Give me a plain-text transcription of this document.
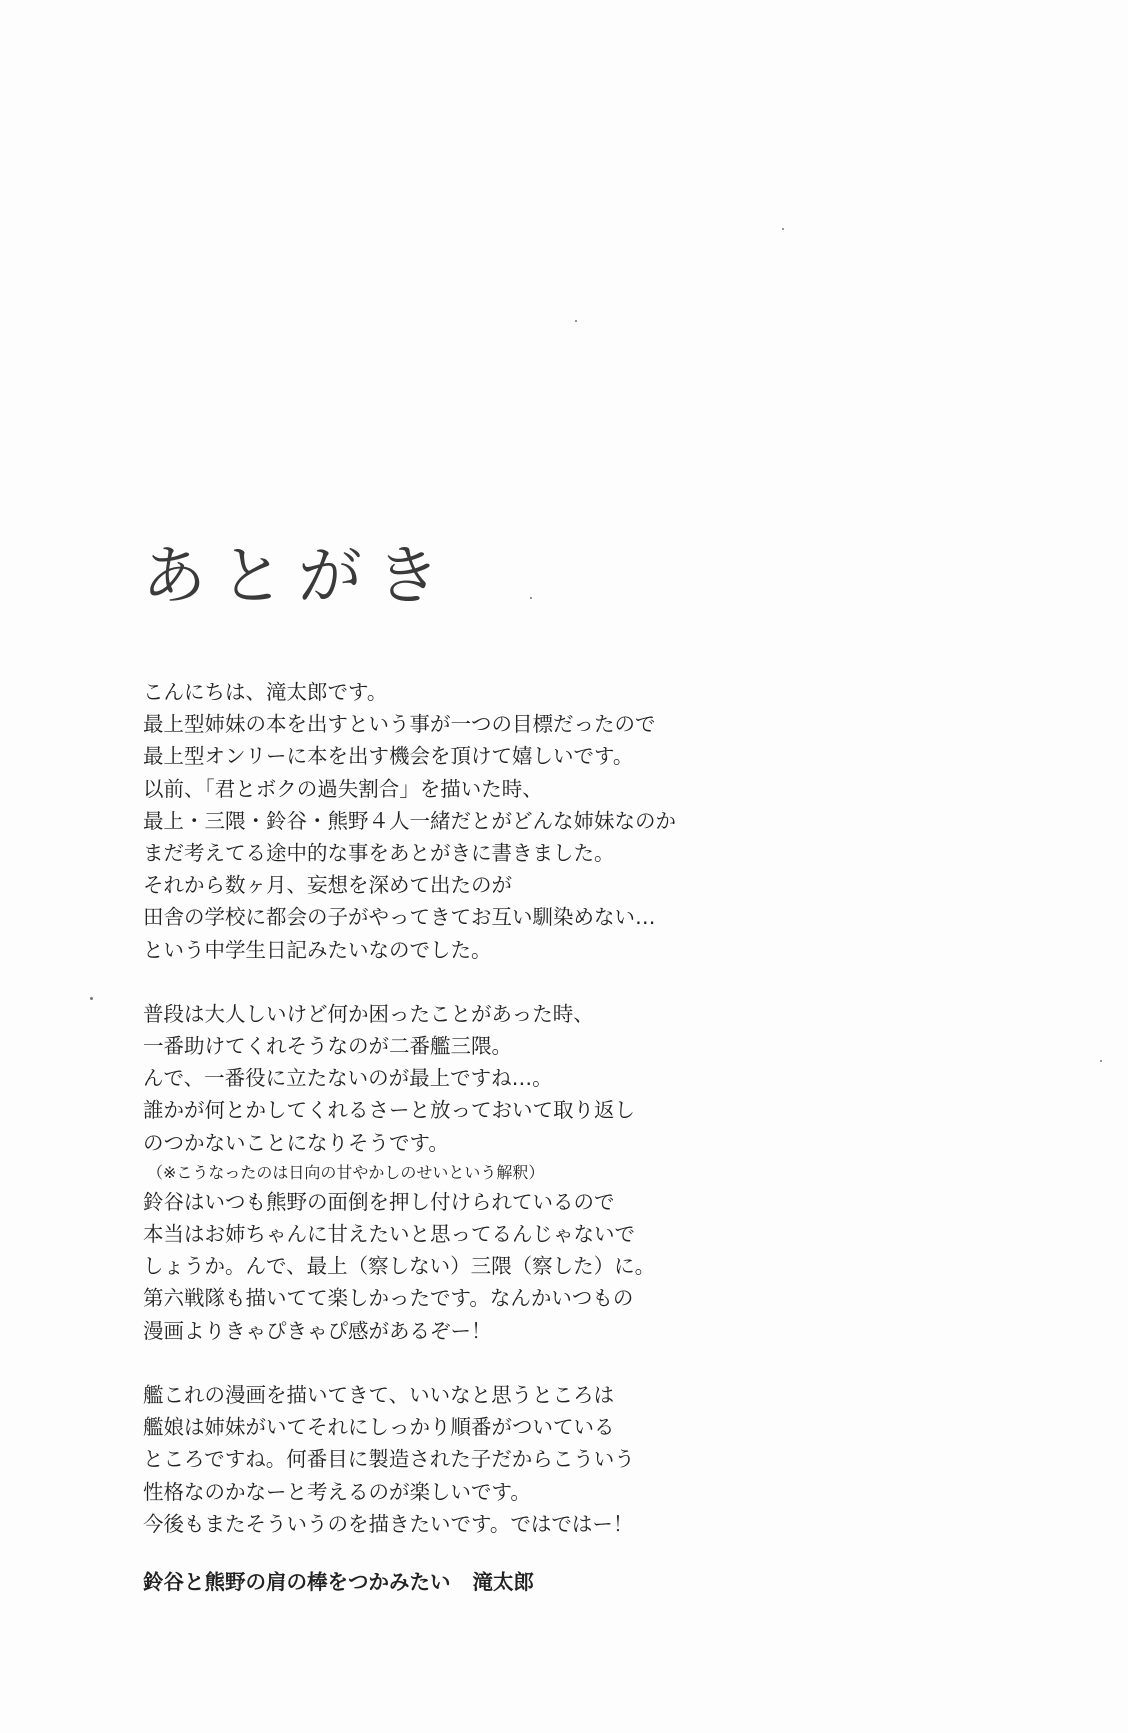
あとがき
こんにちは、滝太郎です。
最上型姉妹の本を出すという事が一つの目標だったので
最上型オンリーに本を出す機会を頂けて嬉しいです。
以前、「君とボクの過失割合」を描いた時、
最上・三隈・鈴谷・熊野４人一緒だとがどんな姉妹なのか
まだ考えてる途中的な事をあとがきに書きました。
それから数ヶ月、妄想を深めて出たのが
田舎の学校に都会の子がやってきてお互い馴染めない…
という中学生日記みたいなのでした。
普段は大人しいけど何か困ったことがあった時、
一番助けてくれそうなのが二番艦三隈。
んで、一番役に立たないのが最上ですね…。
誰かが何とかしてくれるさーと放っておいて取り返し
のつかないことになりそうです。
（※こうなったのは日向の甘やかしのせいという解釈）
鈴谷はいつも熊野の面倒を押し付けられているので
本当はお姉ちゃんに甘えたいと思ってるんじゃないで
しょうか。んで、最上（察しない）三隈（察した）に。
第六戦隊も描いてて楽しかったです。なんかいつもの
漫画よりきゃぴきゃぴ感があるぞー！
艦これの漫画を描いてきて、いいなと思うところは
艦娘は姉妹がいてそれにしっかり順番がついている
ところですね。何番目に製造された子だからこういう
性格なのかなーと考えるのが楽しいです。
今後もまたそういうのを描きたいです。ではではー！
鈴谷と熊野の肩の棒をつかみたい 滝太郎
